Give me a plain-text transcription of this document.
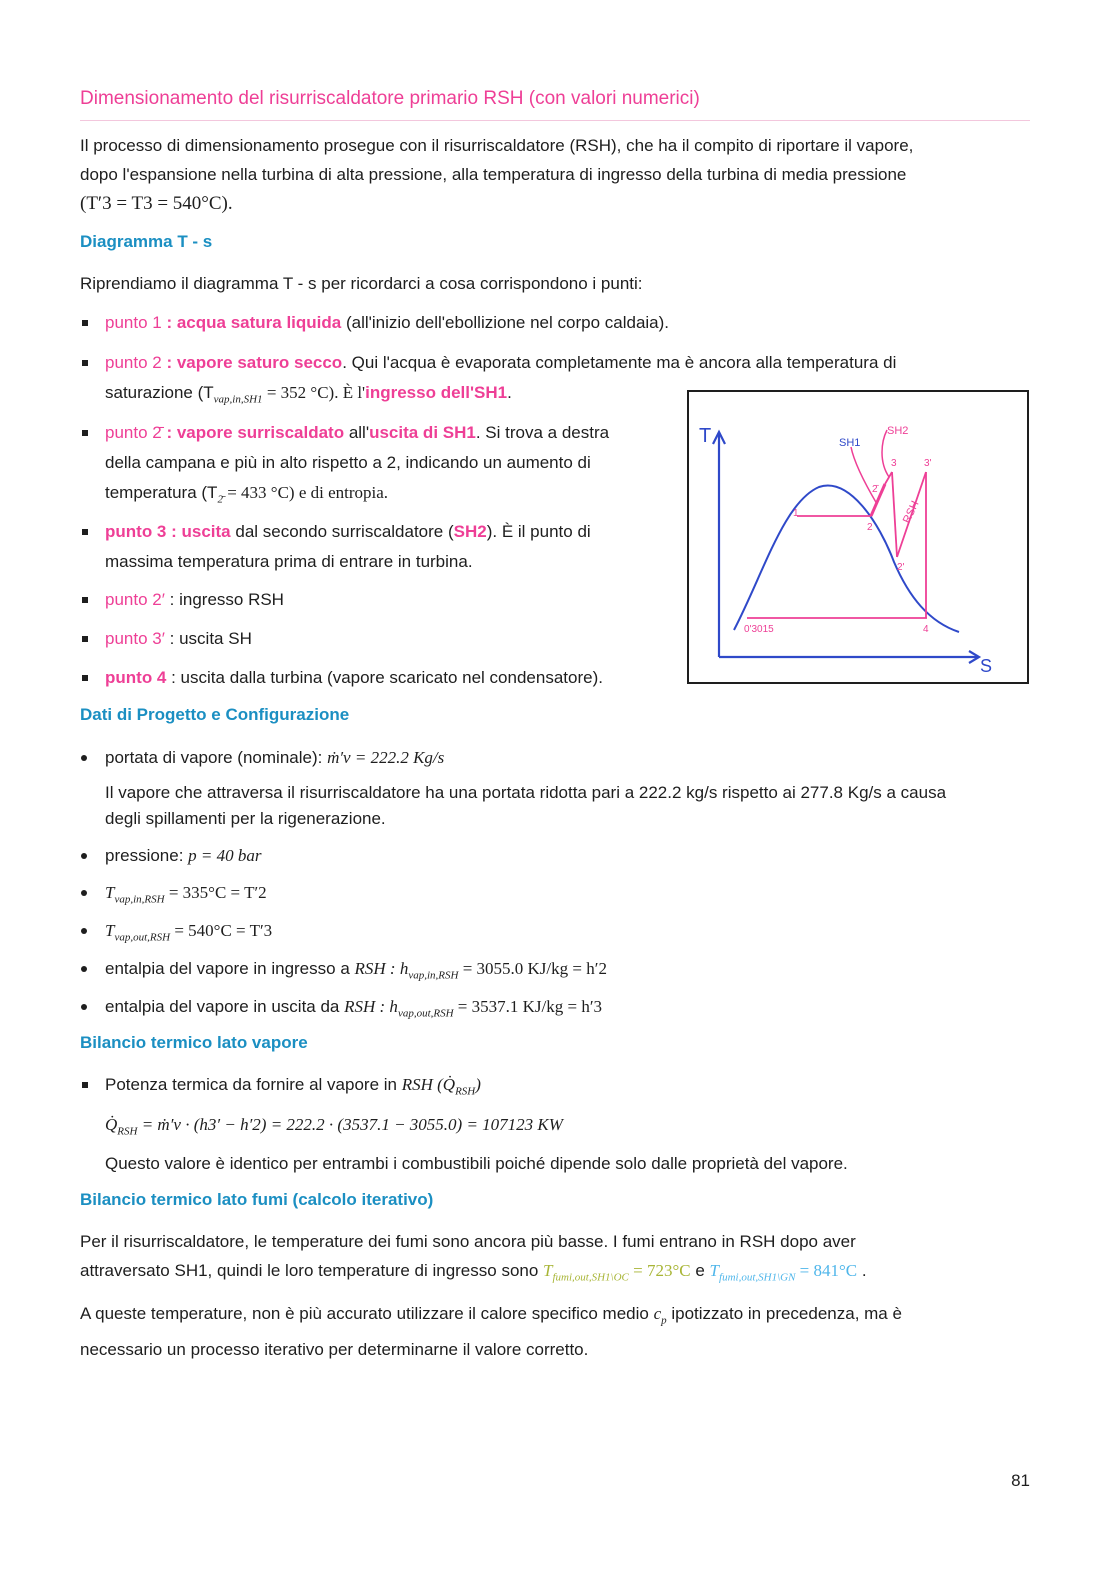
Dimensionamento del risurriscaldatore primario RSH (con valori numerici)
Il processo di dimensionamento prosegue con il risurriscaldatore (RSH), che ha il compito di riportare il vapore,
dopo l'espansione nella turbina di alta pressione, alla temperatura di ingresso della turbina di media pressione
(T′3 = T3 = 540°C).
Diagramma T - s
Riprendiamo il diagramma T - s per ricordarci a cosa corrispondono i punti:
punto 1 : acqua satura liquida (all'inizio dell'ebollizione nel corpo caldaia).
punto 2 : vapore saturo secco. Qui l'acqua è evaporata completamente ma è ancora alla temperatura di
saturazione ($T_{vap,in,SH1} = 352$ °C). È l'ingresso dell'SH1.
punto 2̄ : vapore surriscaldato all'uscita di SH1. Si trova a destra
della campana e più in alto rispetto a 2, indicando un aumento di
temperatura ($T_{2̄} = 433$ °C) e di entropia.
punto 3 : uscita dal secondo surriscaldatore (SH2). È il punto di
massima temperatura prima di entrare in turbina.
punto 2′ : ingresso RSH
punto 3′ : uscita SH
punto 4 : uscita dalla turbina (vapore scaricato nel condensatore).
T
S
SH1
SH2
RSH
1
2
2̄
3	3'
2'
4
0'3015
Dati di Progetto e Configurazione
portata di vapore (nominale): ṁ′v = 222.2 Kg/s
Il vapore che attraversa il risurriscaldatore ha una portata ridotta pari a 222.2 kg/s rispetto ai 277.8 Kg/s a causa
degli spillamenti per la rigenerazione.
pressione: p = 40 bar
$T_{vap,in,RSH} = 335^\circ C = T'2$
$T_{vap,out,RSH} = 540^\circ C = T'3$
entalpia del vapore in ingresso a RSH : $h_{vap,in,RSH} = 3055.0$ KJ/kg = h′2
entalpia del vapore in uscita da RSH : $h_{vap,out,RSH} = 3537.1$ KJ/kg = h′3
Bilancio termico lato vapore
Potenza termica da fornire al vapore in RSH $(Q̇_{RSH})$
$Q̇_{RSH}$ = ṁ′v · (h3′ − h′2) = 222.2 · (3537.1 − 3055.0) = 107123 KW
Questo valore è identico per entrambi i combustibili poiché dipende solo dalle proprietà del vapore.
Bilancio termico lato fumi (calcolo iterativo)
Per il risurriscaldatore, le temperature dei fumi sono ancora più basse. I fumi entrano in RSH dopo aver
attraversato SH1, quindi le loro temperature di ingresso sono $T_{fumi,out,SH1\backslash OC} = 723^\circ C$ e $T_{fumi,out,SH1\backslash GN} = 841^\circ C$ .
A queste temperature, non è più accurato utilizzare il calore specifico medio $c_p$ ipotizzato in precedenza, ma è
necessario un processo iterativo per determinarne il valore corretto.
81
